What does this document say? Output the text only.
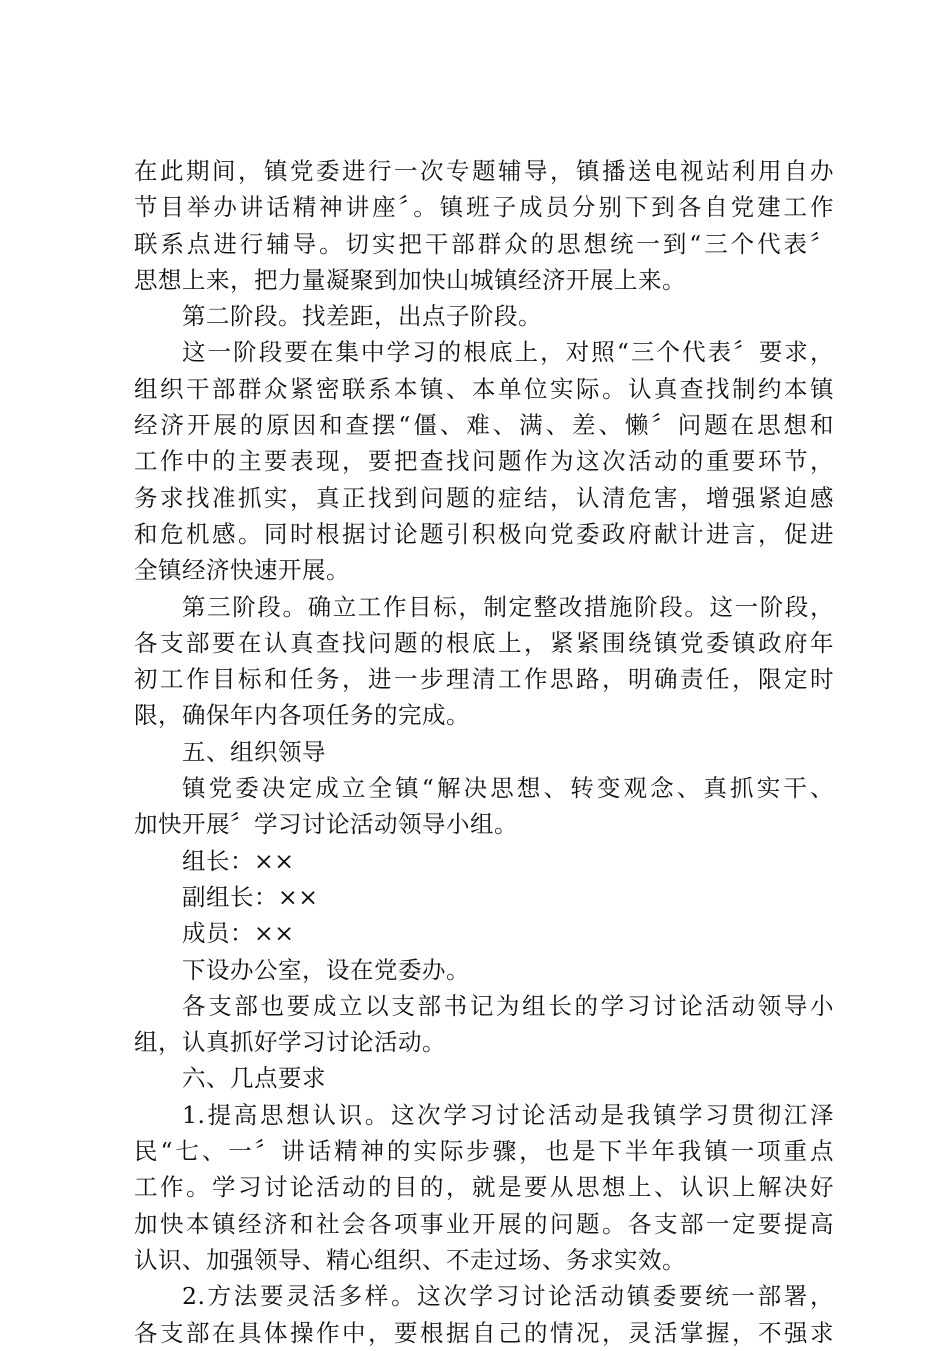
在此期间，镇党委进行一次专题辅导，镇播送电视站利用自办
节目举办讲话精神讲座〞。镇班子成员分别下到各自党建工作
联系点进行辅导。切实把干部群众的思想统一到“三个代表〞
思想上来，把力量凝聚到加快山城镇经济开展上来。
第二阶段。找差距，出点子阶段。
这一阶段要在集中学习的根底上，对照“三个代表〞要求，
组织干部群众紧密联系本镇、本单位实际。认真查找制约本镇
经济开展的原因和查摆“僵、难、满、差、懒〞问题在思想和
工作中的主要表现，要把查找问题作为这次活动的重要环节，
务求找准抓实，真正找到问题的症结，认清危害，增强紧迫感
和危机感。同时根据讨论题引积极向党委政府献计进言，促进
全镇经济快速开展。
第三阶段。确立工作目标，制定整改措施阶段。这一阶段，
各支部要在认真查找问题的根底上，紧紧围绕镇党委镇政府年
初工作目标和任务，进一步理清工作思路，明确责任，限定时
限，确保年内各项任务的完成。
五、组织领导
镇党委决定成立全镇“解决思想、转变观念、真抓实干、
加快开展〞学习讨论活动领导小组。
组长：××
副组长：××
成员：××
下设办公室，设在党委办。
各支部也要成立以支部书记为组长的学习讨论活动领导小
组，认真抓好学习讨论活动。
六、几点要求
1.提高思想认识。这次学习讨论活动是我镇学习贯彻江泽
民“七、一〞讲话精神的实际步骤，也是下半年我镇一项重点
工作。学习讨论活动的目的，就是要从思想上、认识上解决好
加快本镇经济和社会各项事业开展的问题。各支部一定要提高
认识、加强领导、精心组织、不走过场、务求实效。
2.方法要灵活多样。这次学习讨论活动镇委要统一部署，
各支部在具体操作中，要根据自己的情况，灵活掌握，不强求
